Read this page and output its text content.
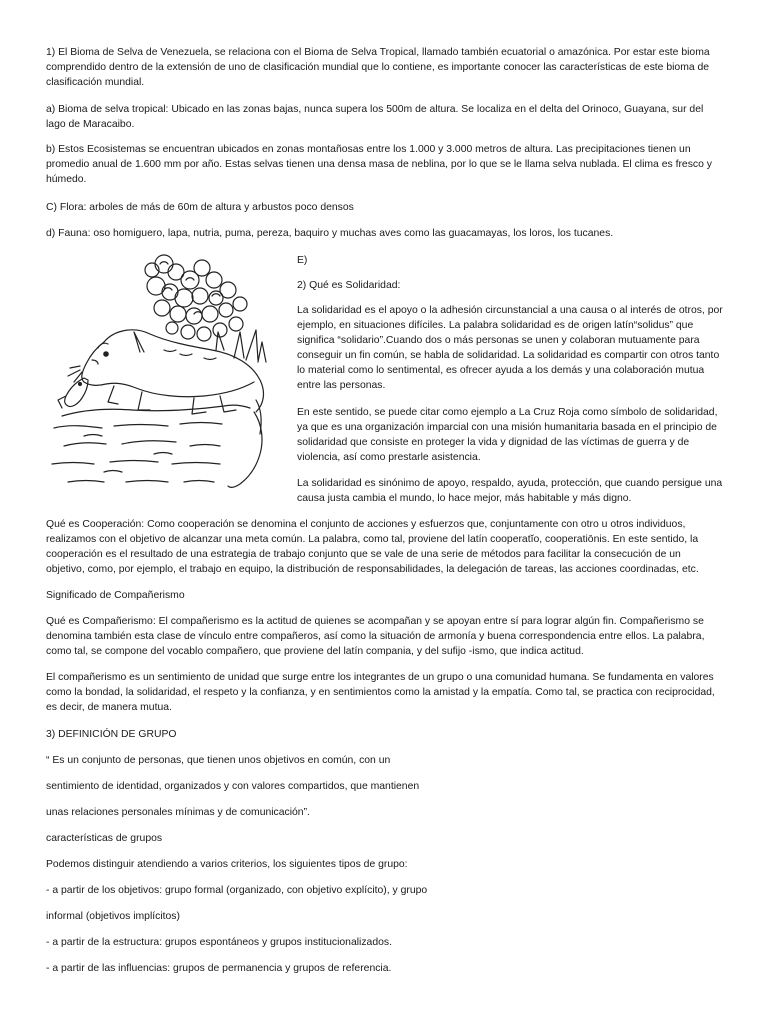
1) El Bioma de Selva de Venezuela, se relaciona con el Bioma de Selva Tropical, llamado también ecuatorial o amazónica. Por estar este bioma comprendido dentro de la extensión de uno de clasificación mundial que lo contiene, es importante conocer las características de este bioma de clasificación mundial.

a) Bioma de selva tropical: Ubicado en las zonas bajas, nunca supera los 500m de altura. Se localiza en el delta del Orinoco, Guayana, sur del lago de Maracaibo.

b) Estos Ecosistemas se encuentran ubicados en zonas montañosas entre los 1.000 y 3.000 metros de altura. Las precipitaciones tienen un promedio anual de 1.600 mm por año. Estas selvas tienen una densa masa de neblina, por lo que se le llama selva nublada. El clima es fresco y húmedo.

C) Flora: arboles de más de 60m de altura y arbustos poco densos

d) Fauna: oso homiguero, lapa, nutria, puma, pereza, baquiro y muchas aves como las guacamayas, los loros, los tucanes.

E)

2) Qué es Solidaridad:

La solidaridad es el apoyo o la adhesión circunstancial a una causa o al interés de otros, por ejemplo, en situaciones difíciles. La palabra solidaridad es de origen latín“solidus” que significa “solidario”.Cuando dos o más personas se unen y colaboran mutuamente para conseguir un fin común, se habla de solidaridad. La solidaridad es compartir con otros tanto lo material como lo sentimental, es ofrecer ayuda a los demás y una colaboración mutua entre las personas.

En este sentido, se puede citar como ejemplo a La Cruz Roja como símbolo de solidaridad, ya que es una organización imparcial con una misión humanitaria basada en el principio de solidaridad que consiste en proteger la vida y dignidad de las víctimas de guerra y de violencia, así como prestarle asistencia.

La solidaridad es sinónimo de apoyo, respaldo, ayuda, protección, que cuando persigue una causa justa cambia el mundo, lo hace mejor, más habitable y más digno.

Qué es Cooperación: Como cooperación se denomina el conjunto de acciones y esfuerzos que, conjuntamente con otro u otros individuos, realizamos con el objetivo de alcanzar una meta común. La palabra, como tal, proviene del latín cooperatĭo, cooperatiōnis. En este sentido, la cooperación es el resultado de una estrategia de trabajo conjunto que se vale de una serie de métodos para facilitar la consecución de un objetivo, como, por ejemplo, el trabajo en equipo, la distribución de responsabilidades, la delegación de tareas, las acciones coordinadas, etc.

Significado de Compañerismo

Qué es Compañerismo: El compañerismo es la actitud de quienes se acompañan y se apoyan entre sí para lograr algún fin. Compañerismo se denomina también esta clase de vínculo entre compañeros, así como la situación de armonía y buena correspondencia entre ellos. La palabra, como tal, se compone del vocablo compañero, que proviene del latín compania, y del sufijo -ismo, que indica actitud.

El compañerismo es un sentimiento de unidad que surge entre los integrantes de un grupo o una comunidad humana. Se fundamenta en valores como la bondad, la solidaridad, el respeto y la confianza, y en sentimientos como la amistad y la empatía. Como tal, se practica con reciprocidad, es decir, de manera mutua.

3) DEFINICIÓN DE GRUPO

“ Es un conjunto de personas, que tienen unos objetivos en común, con un

sentimiento de identidad, organizados y con valores compartidos, que mantienen

unas relaciones personales mínimas y de comunicación”.

características de grupos

Podemos distinguir atendiendo a varios criterios, los siguientes tipos de grupo:

- a partir de los objetivos: grupo formal (organizado, con objetivo explícito), y grupo

informal (objetivos implícitos)

- a partir de la estructura: grupos espontáneos y grupos institucionalizados.

- a partir de las influencias: grupos de permanencia y grupos de referencia.
